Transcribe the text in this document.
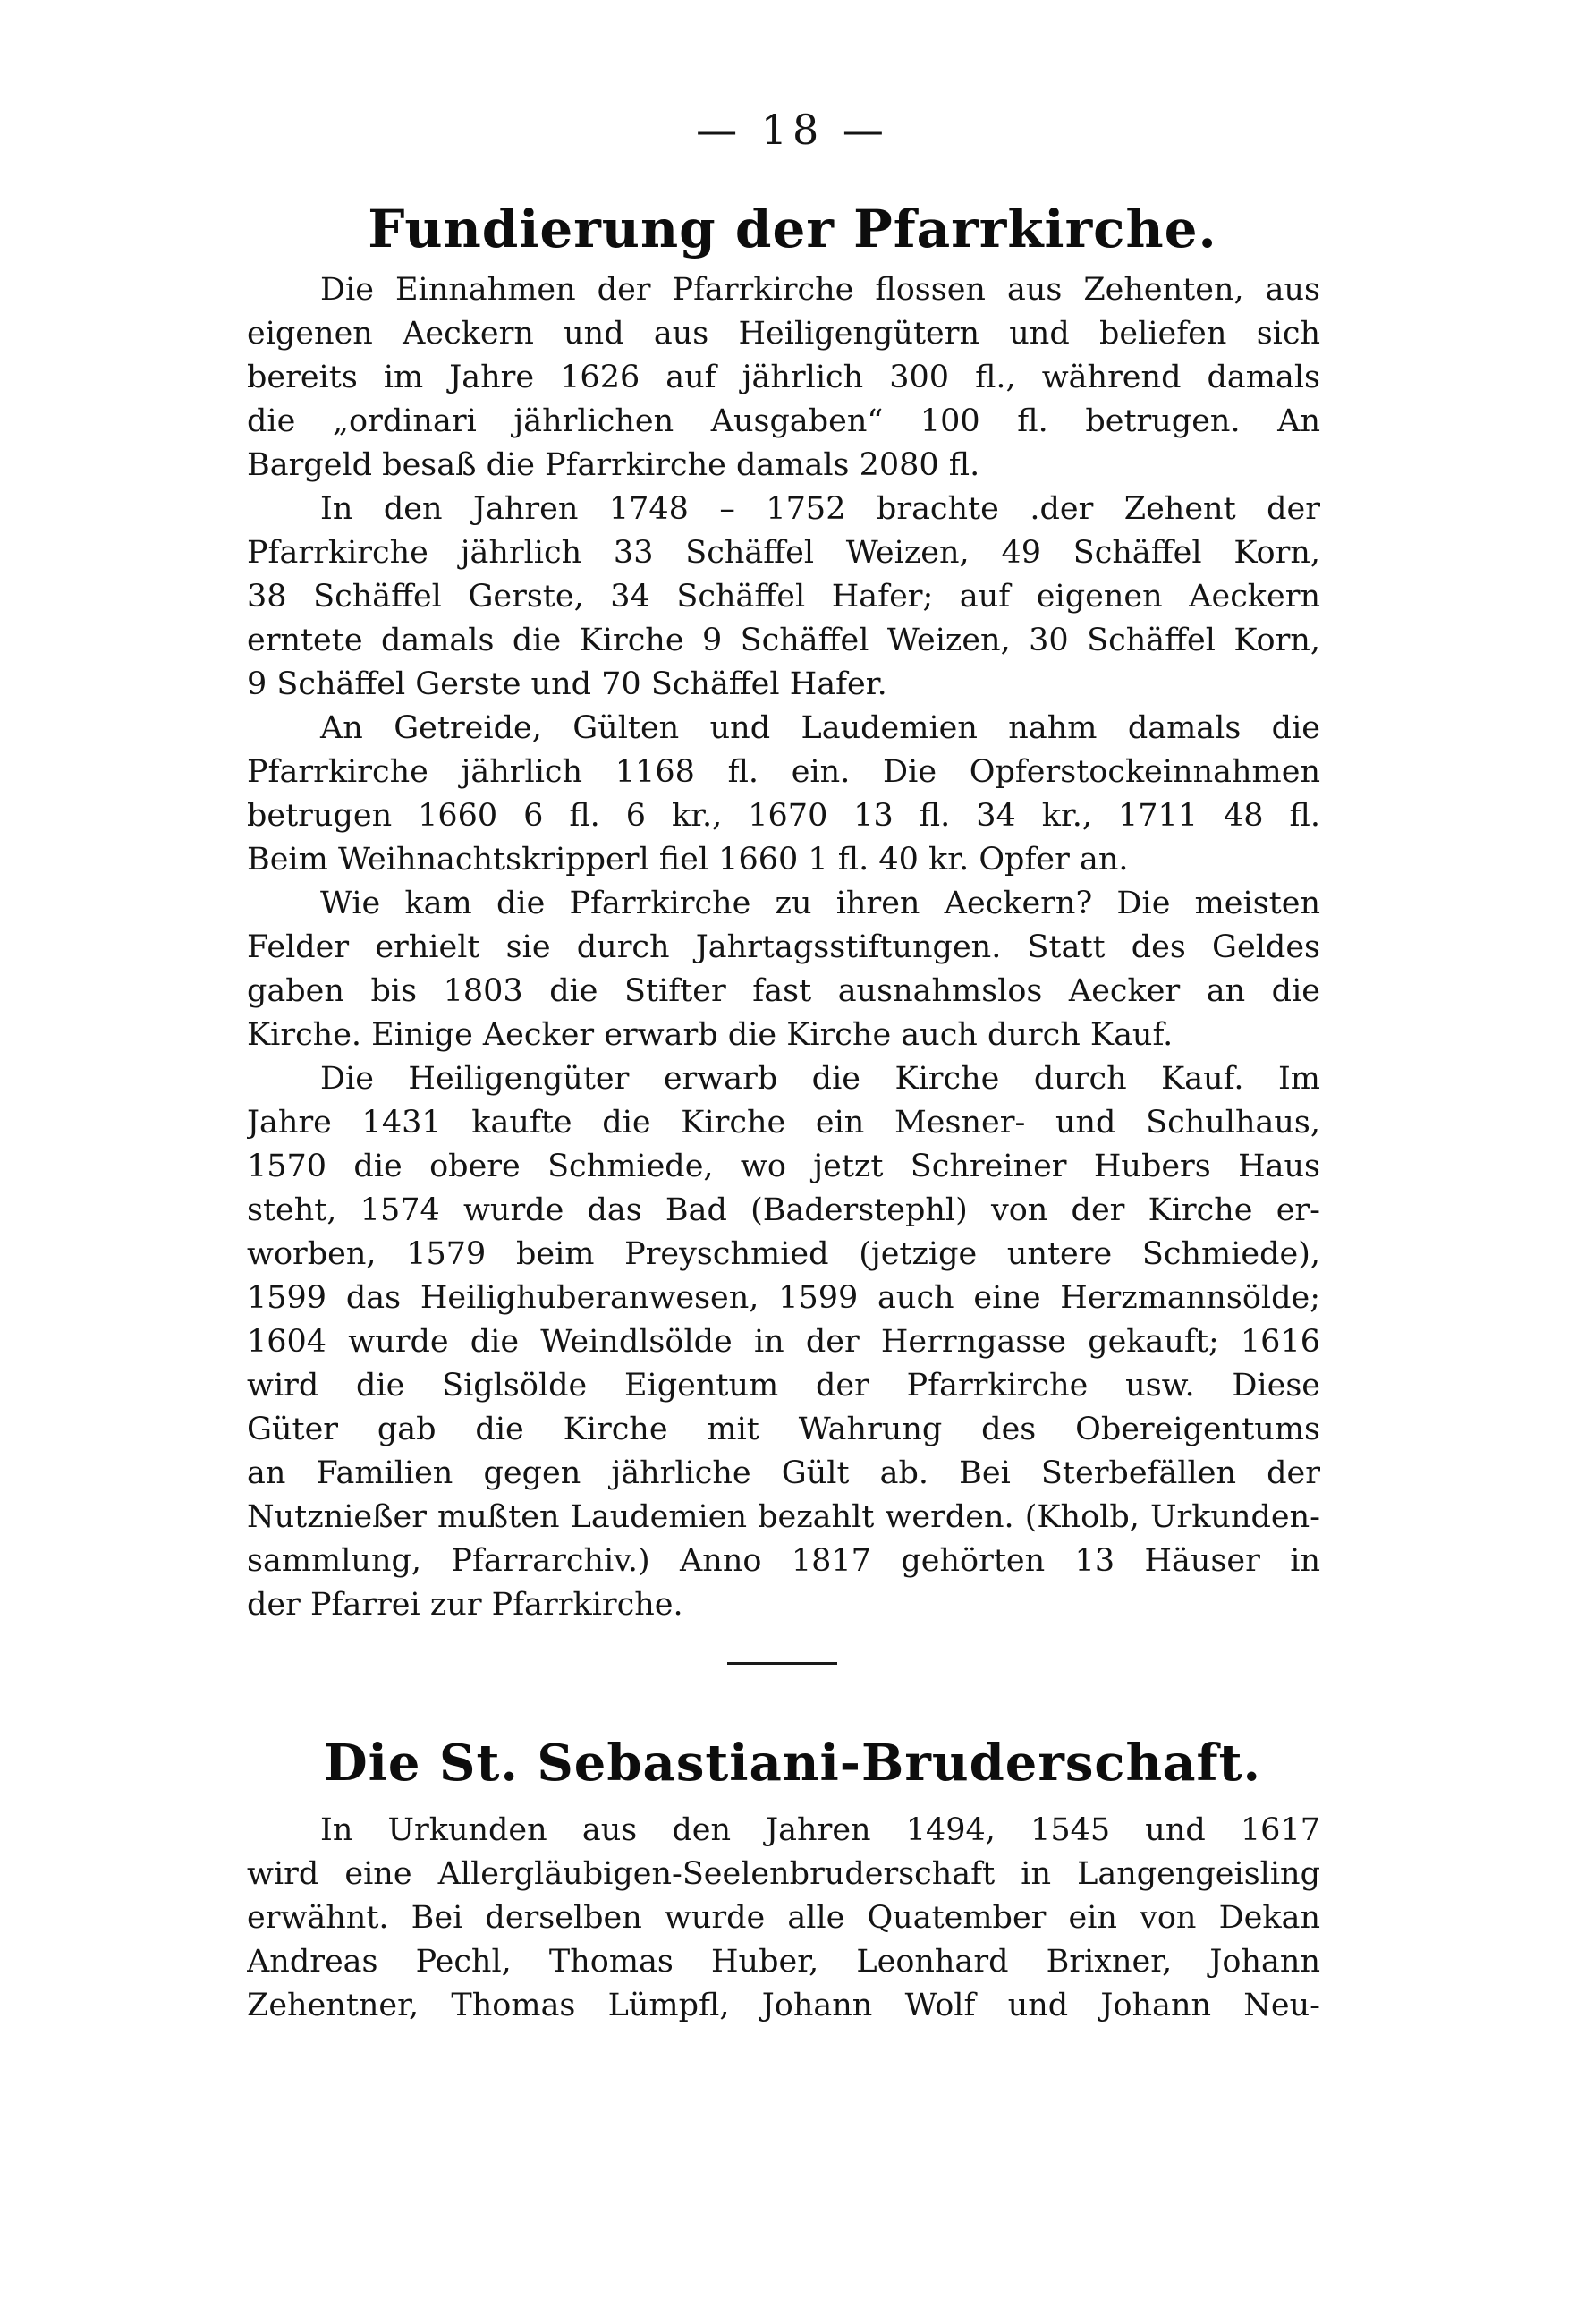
— 18 —
Fundierung der Pfarrkirche.
Die Einnahmen der Pfarrkirche flossen aus Zehenten, aus
eigenen Aeckern und aus Heiligengütern und beliefen sich
bereits im Jahre 1626 auf jährlich 300 fl., während damals
die „ordinari jährlichen Ausgaben“ 100 fl. betrugen. An
Bargeld besaß die Pfarrkirche damals 2080 fl.
In den Jahren 1748 – 1752 brachte .der Zehent der
Pfarrkirche jährlich 33 Schäffel Weizen, 49 Schäffel Korn,
38 Schäffel Gerste, 34 Schäffel Hafer; auf eigenen Aeckern
erntete damals die Kirche 9 Schäffel Weizen, 30 Schäffel Korn,
9 Schäffel Gerste und 70 Schäffel Hafer.
An Getreide, Gülten und Laudemien nahm damals die
Pfarrkirche jährlich 1168 fl. ein. Die Opferstockeinnahmen
betrugen 1660 6 fl. 6 kr., 1670 13 fl. 34 kr., 1711 48 fl.
Beim Weihnachtskripperl fiel 1660 1 fl. 40 kr. Opfer an.
Wie kam die Pfarrkirche zu ihren Aeckern? Die meisten
Felder erhielt sie durch Jahrtagsstiftungen. Statt des Geldes
gaben bis 1803 die Stifter fast ausnahmslos Aecker an die
Kirche. Einige Aecker erwarb die Kirche auch durch Kauf.
Die Heiligengüter erwarb die Kirche durch Kauf. Im
Jahre 1431 kaufte die Kirche ein Mesner- und Schulhaus,
1570 die obere Schmiede, wo jetzt Schreiner Hubers Haus
steht, 1574 wurde das Bad (Baderstephl) von der Kirche er-
worben, 1579 beim Preyschmied (jetzige untere Schmiede),
1599 das Heilighuberanwesen, 1599 auch eine Herzmannsölde;
1604 wurde die Weindlsölde in der Herrngasse gekauft; 1616
wird die Siglsölde Eigentum der Pfarrkirche usw. Diese
Güter gab die Kirche mit Wahrung des Obereigentums
an Familien gegen jährliche Gült ab. Bei Sterbefällen der
Nutznießer mußten Laudemien bezahlt werden. (Kholb, Urkunden-
sammlung, Pfarrarchiv.) Anno 1817 gehörten 13 Häuser in
der Pfarrei zur Pfarrkirche.
Die St. Sebastiani-Bruderschaft.
In Urkunden aus den Jahren 1494, 1545 und 1617
wird eine Allergläubigen-Seelenbruderschaft in Langengeisling
erwähnt. Bei derselben wurde alle Quatember ein von Dekan
Andreas Pechl, Thomas Huber, Leonhard Brixner, Johann
Zehentner, Thomas Lümpfl, Johann Wolf und Johann Neu-
